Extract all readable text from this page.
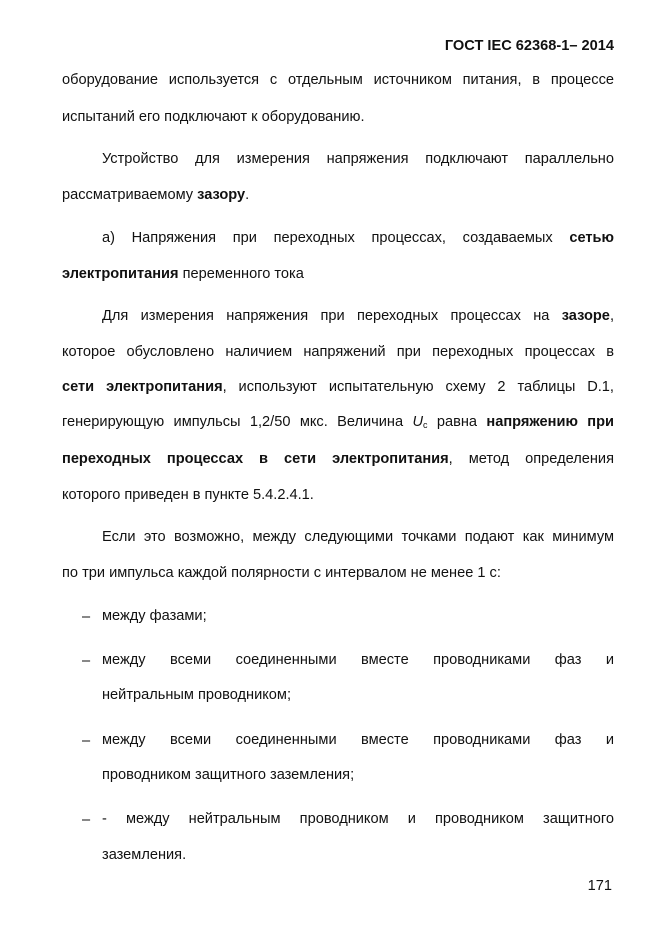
ГОСТ IEC 62368-1– 2014
оборудование используется с отдельным источником питания, в процессе
испытаний его подключают к оборудованию.
Устройство для измерения напряжения подключают параллельно
рассматриваемому зазору.
а) Напряжения при переходных процессах, создаваемых сетью
электропитания переменного тока
Для измерения напряжения при переходных процессах на зазоре,
которое обусловлено наличием напряжений при переходных процессах в
сети электропитания, используют испытательную схему 2 таблицы D.1,
генерирующую импульсы 1,2/50 мкс. Величина $U_c$ равна напряжению при
переходных процессах в сети электропитания, метод определения
которого приведен в пункте 5.4.2.4.1.
Если это возможно, между следующими точками подают как минимум
по три импульса каждой полярности с интервалом не менее 1 с:
– между фазами;
– между всеми соединенными вместе проводниками фаз и
нейтральным проводником;
– между всеми соединенными вместе проводниками фаз и
проводником защитного заземления;
– - между нейтральным проводником и проводником защитного
заземления.
171
